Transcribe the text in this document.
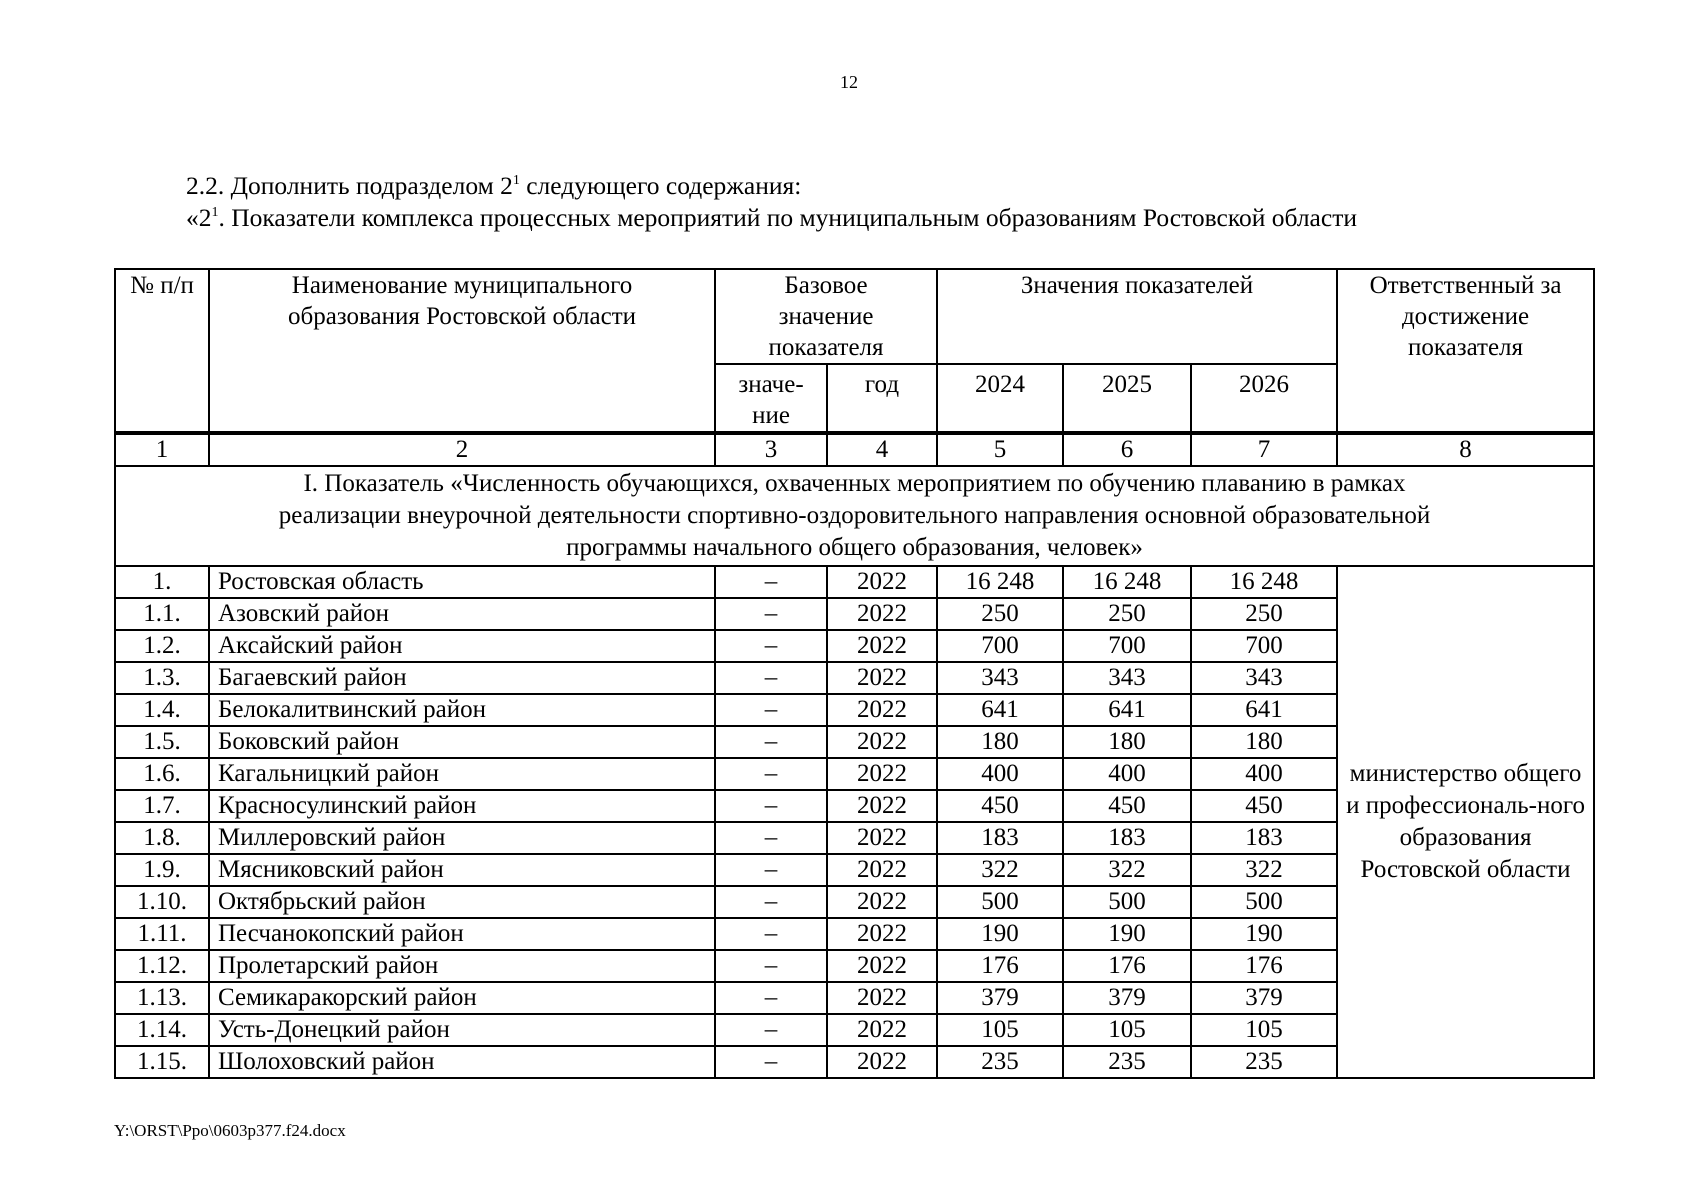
12
2.2. Дополнить подразделом $2^1$ следующего содержания:
«$2^1$. Показатели комплекса процессных мероприятий по муниципальным образованиям Ростовской области
№ п/п	Наименование муниципального образования Ростовской области	Базовое значение показателя		Значения показателей			Ответственный за достижение показателя
		значе-ние	год	2024	2025	2026	
1	2	3	4	5	6	7	8
I. Показатель «Численность обучающихся, охваченных мероприятием по обучению плаванию в рамках реализации внеурочной деятельности спортивно-оздоровительного направления основной образовательной программы начального общего образования, человек»							
1.	Ростовская область	–	2022	16 248	16 248	16 248	министерство общего и профессиональ-ного образования Ростовской области
1.1.	Азовский район	–	2022	250	250	250	
1.2.	Аксайский район	–	2022	700	700	700	
1.3.	Багаевский район	–	2022	343	343	343	
1.4.	Белокалитвинский район	–	2022	641	641	641	
1.5.	Боковский район	–	2022	180	180	180	
1.6.	Кагальницкий район	–	2022	400	400	400	
1.7.	Красносулинский район	–	2022	450	450	450	
1.8.	Миллеровский район	–	2022	183	183	183	
1.9.	Мясниковский район	–	2022	322	322	322	
1.10.	Октябрьский район	–	2022	500	500	500	
1.11.	Песчанокопский район	–	2022	190	190	190	
1.12.	Пролетарский район	–	2022	176	176	176	
1.13.	Семикаракорский район	–	2022	379	379	379	
1.14.	Усть-Донецкий район	–	2022	105	105	105	
1.15.	Шолоховский район	–	2022	235	235	235	
Y:\ORST\Ppo\0603p377.f24.docx
